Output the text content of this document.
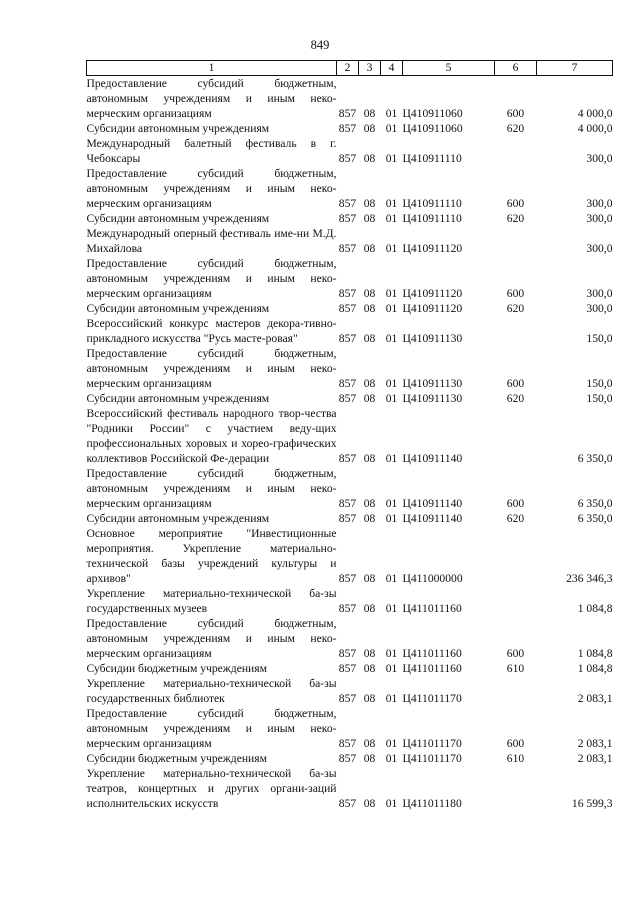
849
1	2	3	4	5	6	7
Предоставление субсидий бюджетным, автономным учреждениям и иным неко-мерческим организациям	857	08	01	Ц410911060	600	4 000,0
Субсидии автономным учреждениям	857	08	01	Ц410911060	620	4 000,0
Международный балетный фестиваль в г. Чебоксары	857	08	01	Ц410911110		300,0
Предоставление субсидий бюджетным, автономным учреждениям и иным неко-мерческим организациям	857	08	01	Ц410911110	600	300,0
Субсидии автономным учреждениям	857	08	01	Ц410911110	620	300,0
Международный оперный фестиваль име-ни М.Д. Михайлова	857	08	01	Ц410911120		300,0
Предоставление субсидий бюджетным, автономным учреждениям и иным неко-мерческим организациям	857	08	01	Ц410911120	600	300,0
Субсидии автономным учреждениям	857	08	01	Ц410911120	620	300,0
Всероссийский конкурс мастеров декора-тивно-прикладного искусства "Русь масте-ровая"	857	08	01	Ц410911130		150,0
Предоставление субсидий бюджетным, автономным учреждениям и иным неко-мерческим организациям	857	08	01	Ц410911130	600	150,0
Субсидии автономным учреждениям	857	08	01	Ц410911130	620	150,0
Всероссийский фестиваль народного твор-чества "Родники России" с участием веду-щих профессиональных хоровых и хорео-графических коллективов Российской Фе-дерации	857	08	01	Ц410911140		6 350,0
Предоставление субсидий бюджетным, автономным учреждениям и иным неко-мерческим организациям	857	08	01	Ц410911140	600	6 350,0
Субсидии автономным учреждениям	857	08	01	Ц410911140	620	6 350,0
Основное мероприятие "Инвестиционные мероприятия. Укрепление материально-технической базы учреждений культуры и архивов"	857	08	01	Ц411000000		236 346,3
Укрепление материально-технической ба-зы государственных музеев	857	08	01	Ц411011160		1 084,8
Предоставление субсидий бюджетным, автономным учреждениям и иным неко-мерческим организациям	857	08	01	Ц411011160	600	1 084,8
Субсидии бюджетным учреждениям	857	08	01	Ц411011160	610	1 084,8
Укрепление материально-технической ба-зы государственных библиотек	857	08	01	Ц411011170		2 083,1
Предоставление субсидий бюджетным, автономным учреждениям и иным неко-мерческим организациям	857	08	01	Ц411011170	600	2 083,1
Субсидии бюджетным учреждениям	857	08	01	Ц411011170	610	2 083,1
Укрепление материально-технической ба-зы театров, концертных и других органи-заций исполнительских искусств	857	08	01	Ц411011180		16 599,3
